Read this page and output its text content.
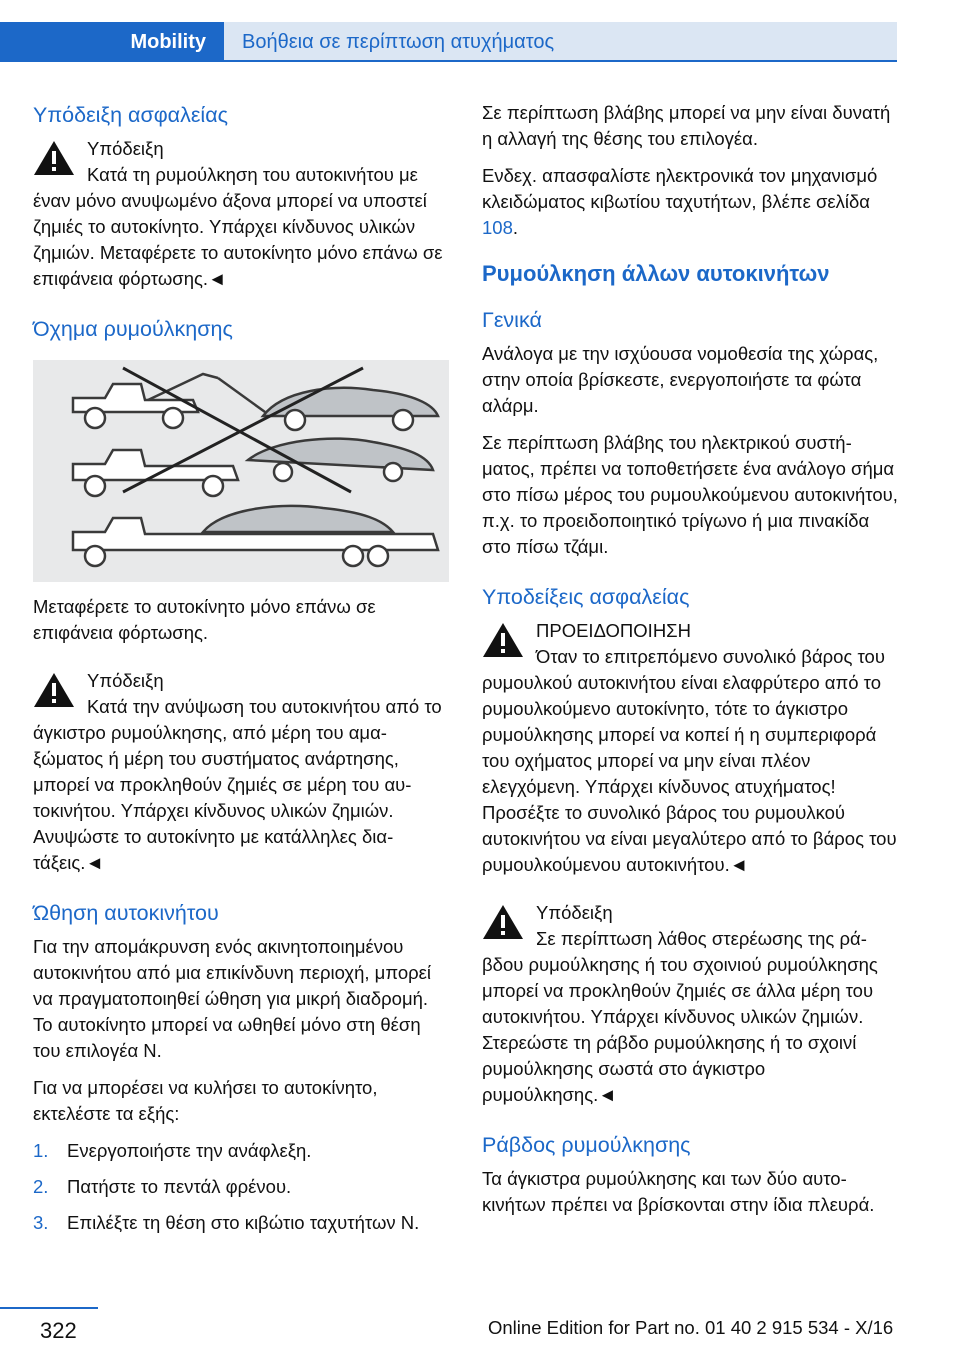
Mobility	Βοήθεια σε περίπτωση ατυχήματος
Υπόδειξη ασφαλείας
Υπόδειξη
Κατά τη ρυμούλκηση του αυτοκινήτου με έναν μόνο ανυψωμένο άξονα μπορεί να υποστεί ζημιές το αυτοκίνητο. Υπάρχει κίνδυνος υλικών ζημιών. Μεταφέρετε το αυτοκίνητο μόνο επάνω σε επιφάνεια φόρτωσης.◄
Όχημα ρυμούλκησης

Μεταφέρετε το αυτοκίνητο μόνο επάνω σε επιφάνεια φόρτωσης.

Υπόδειξη
Κατά την ανύψωση του αυτοκινήτου από το άγκιστρο ρυμούλκησης, από μέρη του αμαξώματος ή μέρη του συστήματος ανάρτησης, μπορεί να προκληθούν ζημιές σε μέρη του αυτοκινήτου. Υπάρχει κίνδυνος υλικών ζημιών. Ανυψώστε το αυτοκίνητο με κατάλληλες διατάξεις.◄
Ώθηση αυτοκινήτου

Για την απομάκρυνση ενός ακινητοποιημένου αυτοκινήτου από μια επικίνδυνη περιοχή, μπορεί να πραγματοποιηθεί ώθηση για μικρή διαδρομή. Το αυτοκίνητο μπορεί να ωθηθεί μόνο στη θέση του επιλογέα N.

Για να μπορέσει να κυλήσει το αυτοκίνητο, εκτελέστε τα εξής:

1. Ενεργοποιήστε την ανάφλεξη.
2. Πατήστε το πεντάλ φρένου.
3. Επιλέξτε τη θέση στο κιβώτιο ταχυτήτων N.

Σε περίπτωση βλάβης μπορεί να μην είναι δυνατή η αλλαγή της θέσης του επιλογέα.

Ενδεχ. απασφαλίστε ηλεκτρονικά τον μηχανισμό κλειδώματος κιβωτίου ταχυτήτων, βλέπε σελίδα 108.

Ρυμούλκηση άλλων αυτοκινήτων
Γενικά

Ανάλογα με την ισχύουσα νομοθεσία της χώρας, στην οποία βρίσκεστε, ενεργοποιήστε τα φώτα αλάρμ.

Σε περίπτωση βλάβης του ηλεκτρικού συστήματος, πρέπει να τοποθετήσετε ένα ανάλογο σήμα στο πίσω μέρος του ρυμουλκούμενου αυτοκινήτου, π.χ. το προειδοποιητικό τρίγωνο ή μια πινακίδα στο πίσω τζάμι.

Υποδείξεις ασφαλείας
ΠΡΟΕΙΔΟΠΟΙΗΣΗ
Όταν το επιτρεπόμενο συνολικό βάρος του ρυμουλκού αυτοκινήτου είναι ελαφρύτερο από το ρυμουλκούμενο αυτοκίνητο, τότε το άγκιστρο ρυμούλκησης μπορεί να κοπεί ή η συμπεριφορά του οχήματος μπορεί να μην είναι πλέον ελεγχόμενη. Υπάρχει κίνδυνος ατυχήματος! Προσέξτε το συνολικό βάρος του ρυμουλκού αυτοκινήτου να είναι μεγαλύτερο από το βάρος του ρυμουλκούμενου αυτοκινήτου.◄
Υπόδειξη
Σε περίπτωση λάθος στερέωσης της ράβδου ρυμούλκησης ή του σχοινιού ρυμούλκησης μπορεί να προκληθούν ζημιές σε άλλα μέρη του αυτοκινήτου. Υπάρχει κίνδυνος υλικών ζημιών. Στερεώστε τη ράβδο ρυμούλκησης ή το σχοινί ρυμούλκησης σωστά στο άγκιστρο ρυμούλκησης.◄
Ράβδος ρυμούλκησης

Τα άγκιστρα ρυμούλκησης και των δύο αυτοκινήτων πρέπει να βρίσκονται στην ίδια πλευρά.

322	Online Edition for Part no. 01 40 2 915 534 - X/16
